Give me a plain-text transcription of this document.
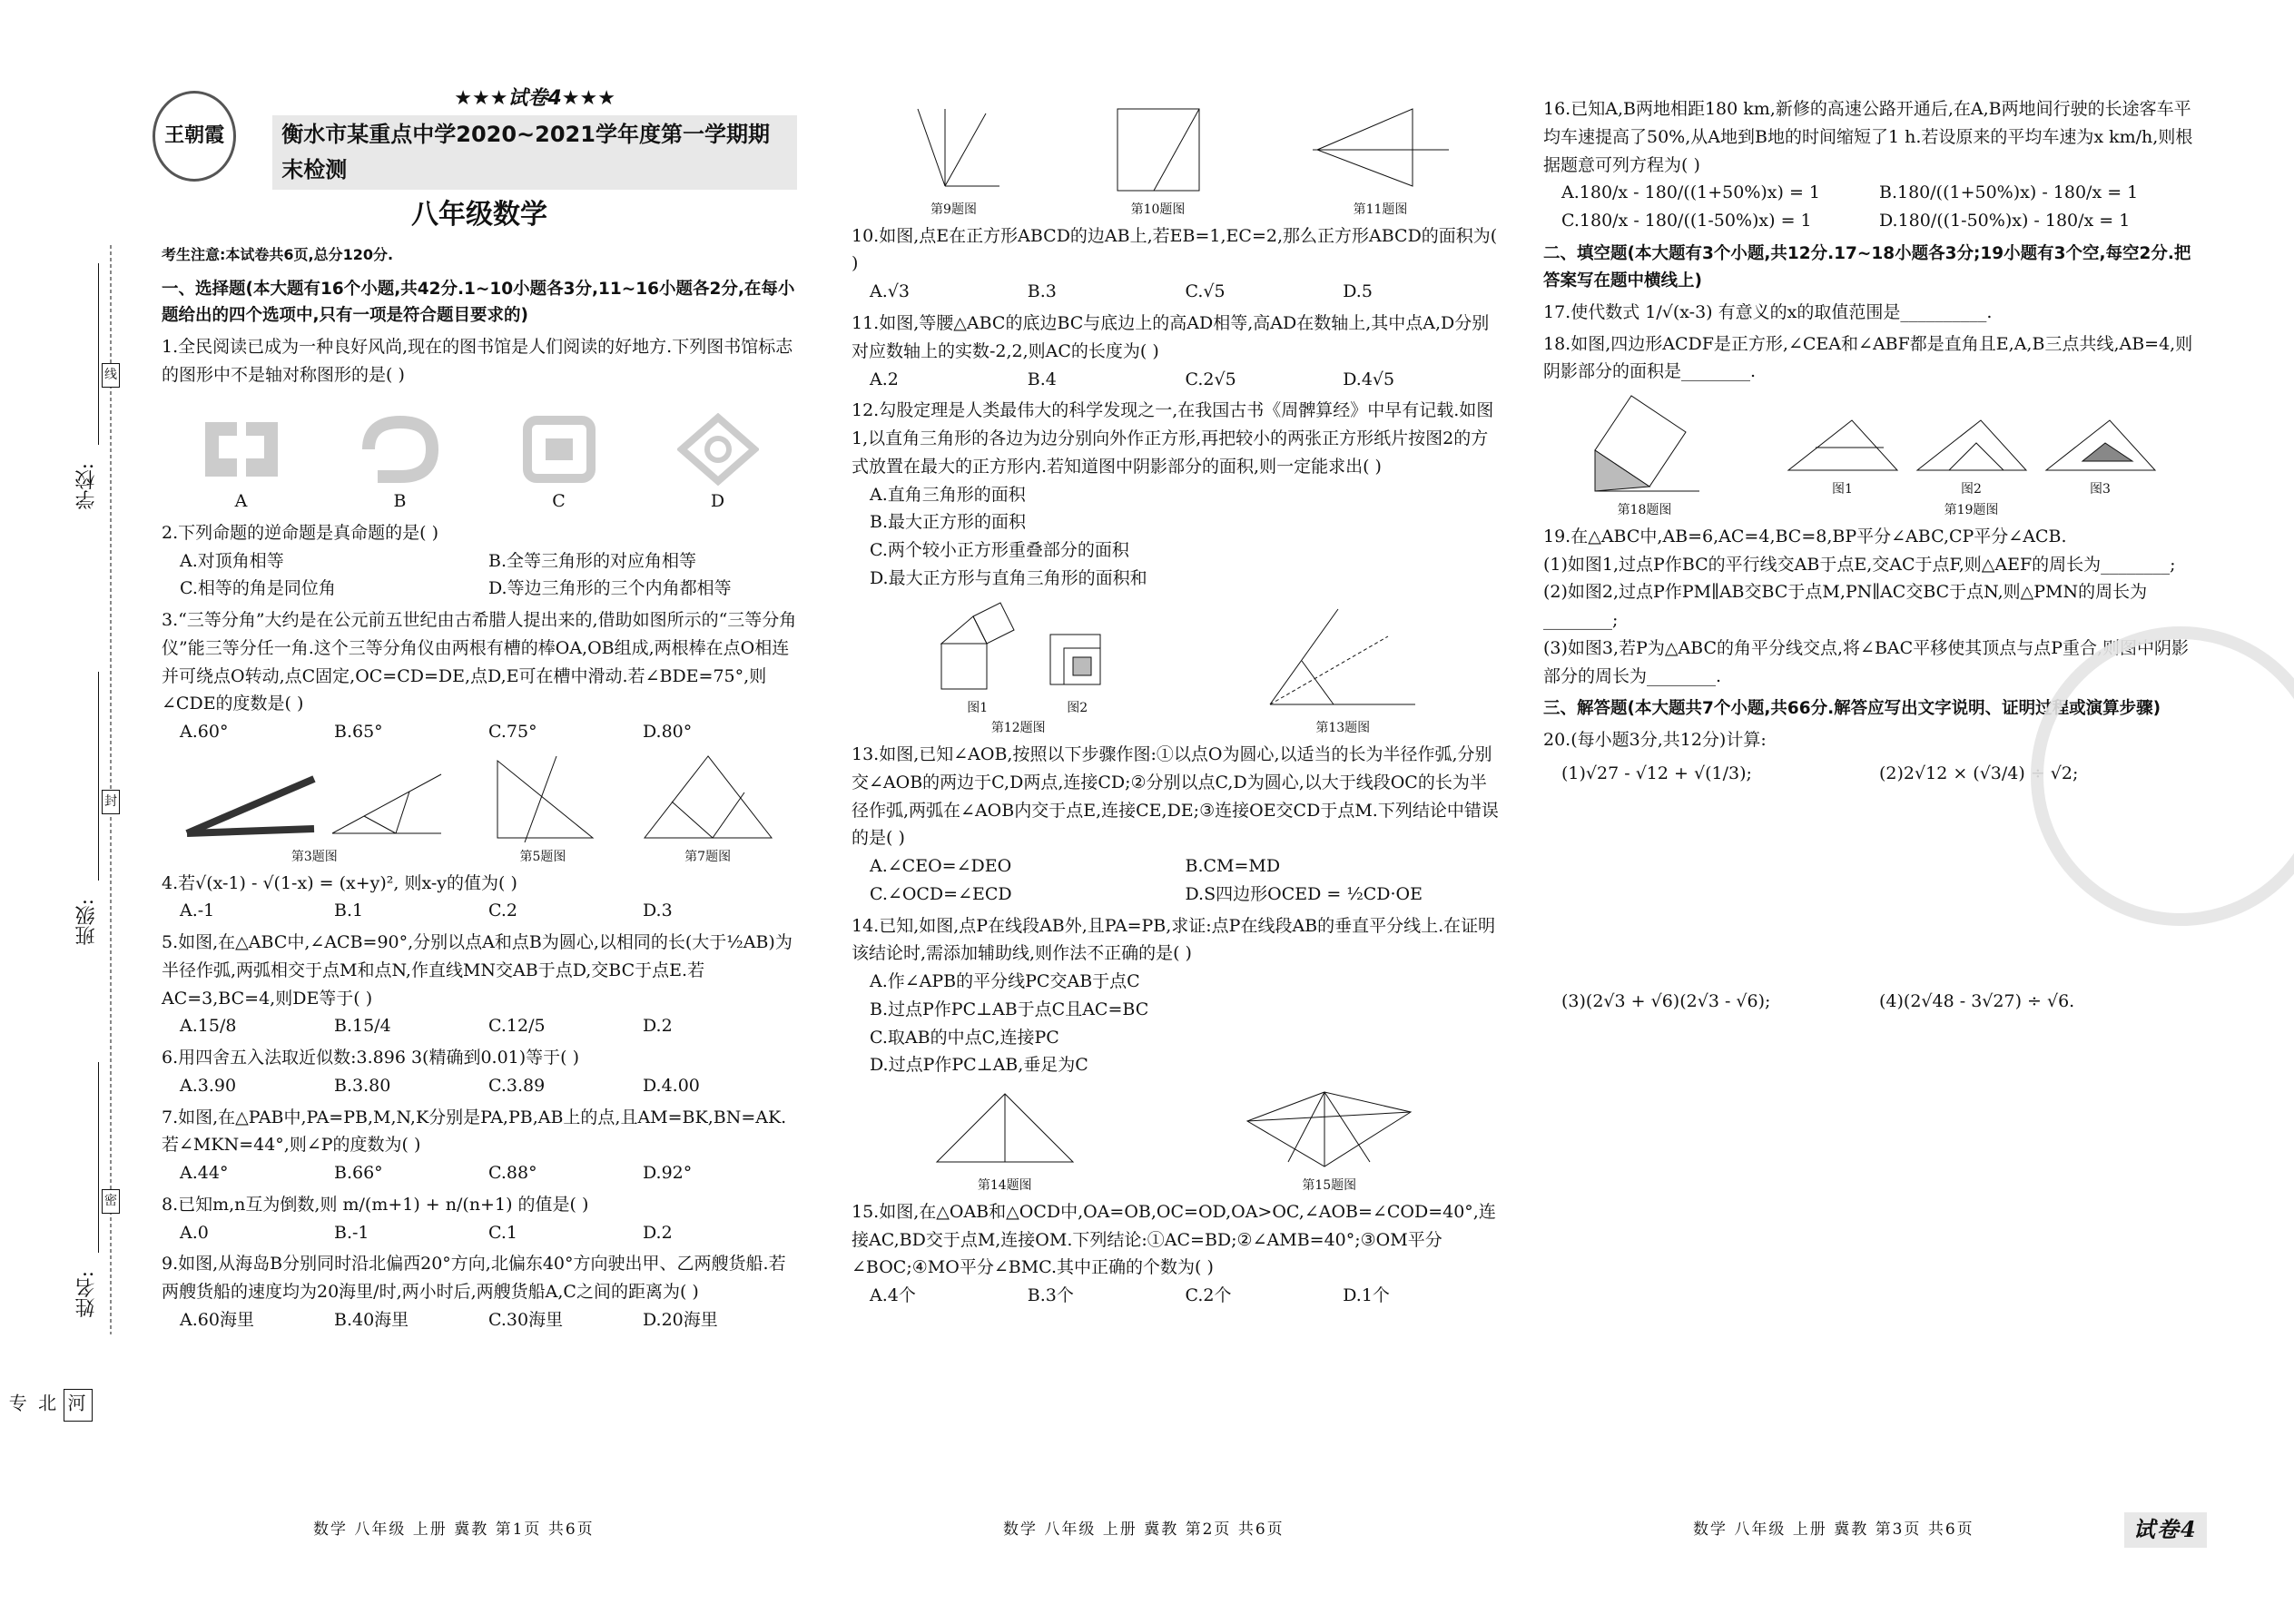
学校:
班级:
姓名:
线
封
密
河北专
王朝霞
★★★试卷4★★★
衡水市某重点中学2020~2021学年度第一学期期末检测
八年级数学
考生注意:本试卷共6页,总分120分.
一、选择题(本大题有16个小题,共42分.1~10小题各3分,11~16小题各2分,在每小题给出的四个选项中,只有一项是符合题目要求的)

1.全民阅读已成为一种良好风尚,现在的图书馆是人们阅读的好地方.下列图书馆标志的图形中不是轴对称图形的是( )

A	B	C	D

2.下列命题的逆命题是真命题的是( )

A.对顶角相等	B.全等三角形的对应角相等
C.相等的角是同位角	D.等边三角形的三个内角都相等

3.“三等分角”大约是在公元前五世纪由古希腊人提出来的,借助如图所示的“三等分角仪”能三等分任一角.这个三等分角仪由两根有槽的棒OA,OB组成,两根棒在点O相连并可绕点O转动,点C固定,OC=CD=DE,点D,E可在槽中滑动.若∠BDE=75°,则∠CDE的度数是( )

A.60°	B.65°	C.75°	D.80°
第3题图	第5题图	第7题图

4.若√(x-1) - √(1-x) = (x+y)², 则x-y的值为( )

A.-1	B.1	C.2	D.3

5.如图,在△ABC中,∠ACB=90°,分别以点A和点B为圆心,以相同的长(大于½AB)为半径作弧,两弧相交于点M和点N,作直线MN交AB于点D,交BC于点E.若AC=3,BC=4,则DE等于( )

A.15/8	B.15/4	C.12/5	D.2

6.用四舍五入法取近似数:3.896 3(精确到0.01)等于( )

A.3.90	B.3.80	C.3.89	D.4.00

7.如图,在△PAB中,PA=PB,M,N,K分别是PA,PB,AB上的点,且AM=BK,BN=AK.若∠MKN=44°,则∠P的度数为( )

A.44°	B.66°	C.88°	D.92°

8.已知m,n互为倒数,则 m/(m+1) + n/(n+1) 的值是( )

A.0	B.-1	C.1	D.2

9.如图,从海岛B分别同时沿北偏西20°方向,北偏东40°方向驶出甲、乙两艘货船.若两艘货船的速度均为20海里/时,两小时后,两艘货船A,C之间的距离为( )

A.60海里	B.40海里	C.30海里	D.20海里
第9题图	第10题图	第11题图

10.如图,点E在正方形ABCD的边AB上,若EB=1,EC=2,那么正方形ABCD的面积为( )

A.√3	B.3	C.√5	D.5

11.如图,等腰△ABC的底边BC与底边上的高AD相等,高AD在数轴上,其中点A,D分别对应数轴上的实数-2,2,则AC的长度为( )

A.2	B.4	C.2√5	D.4√5

12.勾股定理是人类最伟大的科学发现之一,在我国古书《周髀算经》中早有记载.如图1,以直角三角形的各边为边分别向外作正方形,再把较小的两张正方形纸片按图2的方式放置在最大的正方形内.若知道图中阴影部分的面积,则一定能求出( )

A.直角三角形的面积
B.最大正方形的面积
C.两个较小正方形重叠部分的面积
D.最大正方形与直角三角形的面积和
图1	图2
第12题图	第13题图

13.如图,已知∠AOB,按照以下步骤作图:①以点O为圆心,以适当的长为半径作弧,分别交∠AOB的两边于C,D两点,连接CD;②分别以点C,D为圆心,以大于线段OC的长为半径作弧,两弧在∠AOB内交于点E,连接CE,DE;③连接OE交CD于点M.下列结论中错误的是( )

A.∠CEO=∠DEO	B.CM=MD
C.∠OCD=∠ECD	D.S四边形OCED = ½CD·OE

14.已知,如图,点P在线段AB外,且PA=PB,求证:点P在线段AB的垂直平分线上.在证明该结论时,需添加辅助线,则作法不正确的是( )

A.作∠APB的平分线PC交AB于点C
B.过点P作PC⊥AB于点C且AC=BC
C.取AB的中点C,连接PC
D.过点P作PC⊥AB,垂足为C
第14题图	第15题图

15.如图,在△OAB和△OCD中,OA=OB,OC=OD,OA>OC,∠AOB=∠COD=40°,连接AC,BD交于点M,连接OM.下列结论:①AC=BD;②∠AMB=40°;③OM平分∠BOC;④MO平分∠BMC.其中正确的个数为( )

A.4个	B.3个	C.2个	D.1个

16.已知A,B两地相距180 km,新修的高速公路开通后,在A,B两地间行驶的长途客车平均车速提高了50%,从A地到B地的时间缩短了1 h.若设原来的平均车速为x km/h,则根据题意可列方程为( )

A.180/x - 180/((1+50%)x) = 1	B.180/((1+50%)x) - 180/x = 1
C.180/x - 180/((1-50%)x) = 1	D.180/((1-50%)x) - 180/x = 1
二、填空题(本大题有3个小题,共12分.17~18小题各3分;19小题有3个空,每空2分.把答案写在题中横线上)

17.使代数式 1/√(x-3) 有意义的x的取值范围是__________.

18.如图,四边形ACDF是正方形,∠CEA和∠ABF都是直角且E,A,B三点共线,AB=4,则阴影部分的面积是________.

第18题图
图1	图2	图3
第19题图

19.在△ABC中,AB=6,AC=4,BC=8,BP平分∠ABC,CP平分∠ACB.

(1)如图1,过点P作BC的平行线交AB于点E,交AC于点F,则△AEF的周长为________;

(2)如图2,过点P作PM∥AB交BC于点M,PN∥AC交BC于点N,则△PMN的周长为________;

(3)如图3,若P为△ABC的角平分线交点,将∠BAC平移使其顶点与点P重合,则图中阴影部分的周长为________.

三、解答题(本大题共7个小题,共66分.解答应写出文字说明、证明过程或演算步骤)

20.(每小题3分,共12分)计算:

(1)√27 - √12 + √(1/3);	(2)2√12 × (√3/4) ÷ √2;
(3)(2√3 + √6)(2√3 - √6);	(4)(2√48 - 3√27) ÷ √6.
数学 八年级 上册 冀教 第1页 共6页	数学 八年级 上册 冀教 第2页 共6页	数学 八年级 上册 冀教 第3页 共6页	试卷4
